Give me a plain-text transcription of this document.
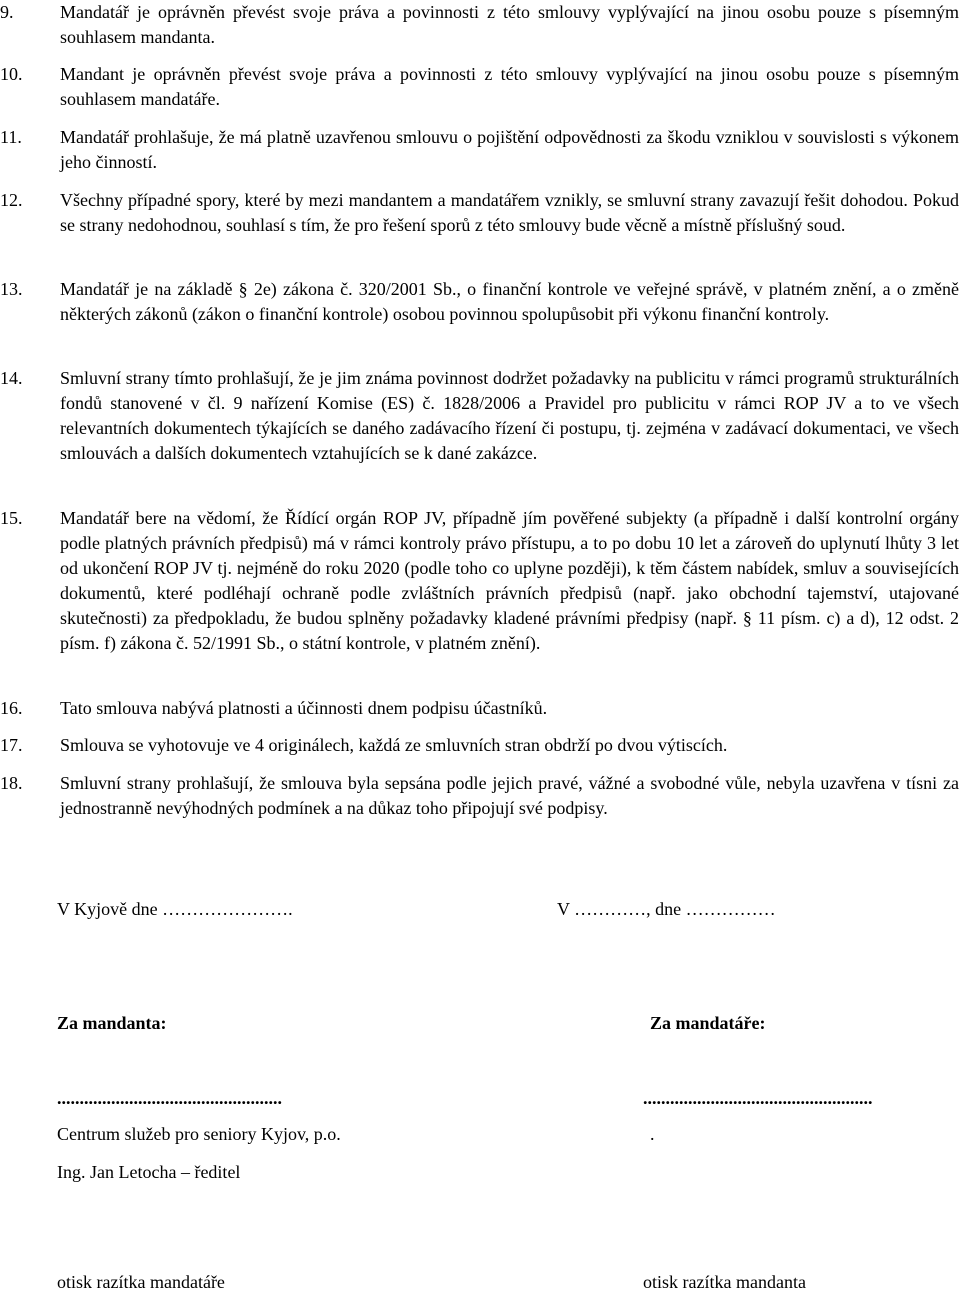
9.	Mandatář je oprávněn převést svoje práva a povinnosti z této smlouvy vyplývající na jinou osobu pouze s písemným souhlasem mandanta.

10. Mandant je oprávněn převést svoje práva a povinnosti z této smlouvy vyplývající na jinou osobu pouze s písemným souhlasem mandatáře.

11. Mandatář prohlašuje, že má platně uzavřenou smlouvu o pojištění odpovědnosti za škodu vzniklou v souvislosti s výkonem jeho činností.

12. Všechny případné spory, které by mezi mandantem a mandatářem vznikly, se smluvní strany zavazují řešit dohodou. Pokud se strany nedohodnou, souhlasí s tím, že pro řešení sporů z této smlouvy bude věcně a místně příslušný soud.

13. Mandatář je na základě § 2e) zákona č. 320/2001 Sb., o finanční kontrole ve veřejné správě, v platném znění, a o změně některých zákonů (zákon o finanční kontrole) osobou povinnou spolupůsobit při výkonu finanční kontroly.

14. Smluvní strany tímto prohlašují, že je jim známa povinnost dodržet požadavky na publicitu v rámci programů strukturálních fondů stanovené v čl. 9 nařízení Komise (ES) č. 1828/2006 a Pravidel pro publicitu v rámci ROP JV a to ve všech relevantních dokumentech týkajících se daného zadávacího řízení či postupu, tj. zejména v zadávací dokumentaci, ve všech smlouvách a dalších dokumentech vztahujících se k dané zakázce.

15. Mandatář bere na vědomí, že Řídící orgán ROP JV, případně jím pověřené subjekty (a případně i další kontrolní orgány podle platných právních předpisů) má v rámci kontroly právo přístupu, a to po dobu 10 let a zároveň do uplynutí lhůty 3 let od ukončení ROP JV tj. nejméně do roku 2020 (podle toho co uplyne později), k těm částem nabídek, smluv a souvisejících dokumentů, které podléhají ochraně podle zvláštních právních předpisů (např. jako obchodní tajemství, utajované skutečnosti) za předpokladu, že budou splněny požadavky kladené právními předpisy (např. § 11 písm. c) a d), 12 odst. 2 písm. f) zákona č. 52/1991 Sb., o státní kontrole, v platném znění).

16. Tato smlouva nabývá platnosti a účinnosti dnem podpisu účastníků.

17. Smlouva se vyhotovuje ve 4 originálech, každá ze smluvních stran obdrží po dvou výtiscích.

18. Smluvní strany prohlašují, že smlouva byla sepsána podle jejich pravé, vážné a svobodné vůle, nebyla uzavřena v tísni za jednostranně nevýhodných podmínek a na důkaz toho připojují své podpisy.

V Kyjově dne ………………….	V …………, dne ……………
Za mandanta:	Za mandatáře:
..................................................	...................................................
Centrum služeb pro seniory Kyjov, p.o.	.
Ing. Jan Letocha – ředitel
otisk razítka mandatáře	otisk razítka mandanta
